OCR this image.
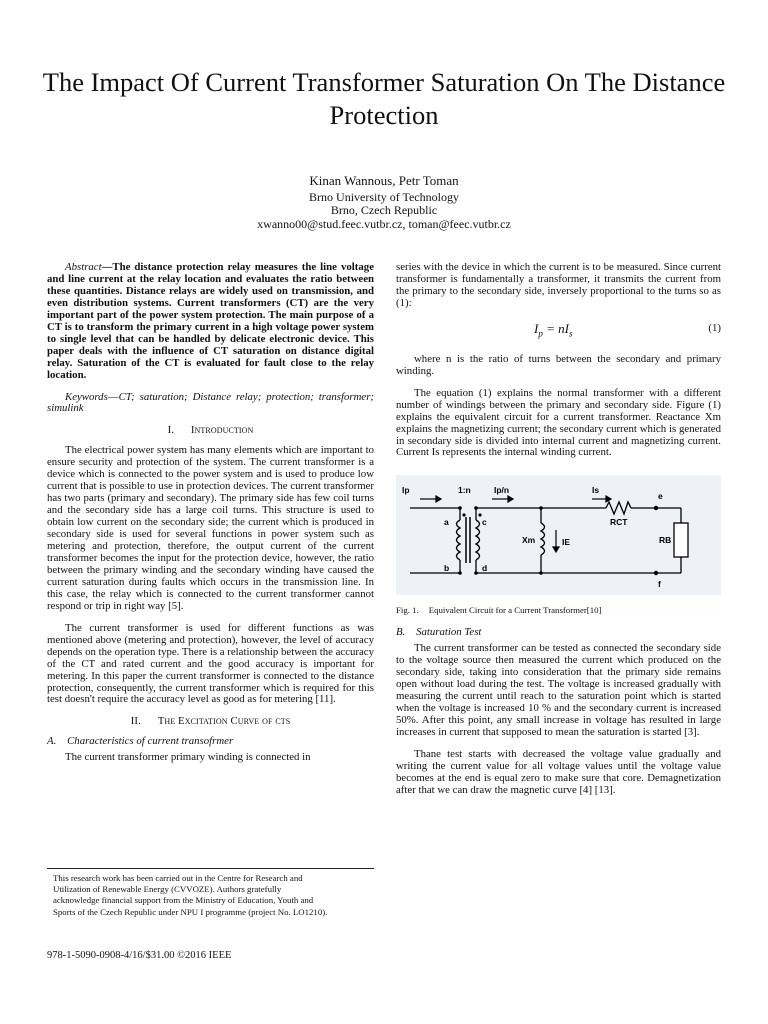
The Impact Of Current Transformer Saturation On The Distance Protection
Kinan Wannous, Petr Toman
Brno University of Technology
Brno, Czech Republic
xwanno00@stud.feec.vutbr.cz, toman@feec.vutbr.cz

Abstract—The distance protection relay measures the line voltage and line current at the relay location and evaluates the ratio between these quantities. Distance relays are widely used on transmission, and even distribution systems. Current transformers (CT) are the very important part of the power system protection. The main purpose of a CT is to transform the primary current in a high voltage power system to single level that can be handled by delicate electronic device. This paper deals with the influence of CT saturation on distance digital relay. Saturation of the CT is evaluated for fault close to the relay location.

Keywords—CT; saturation; Distance relay; protection; transformer; simulink

I. Introduction

The electrical power system has many elements which are important to ensure security and protection of the system. The current transformer is a device which is connected to the power system and is used to produce low current that is possible to use in protection devices. The current transformer has two parts (primary and secondary). The primary side has few coil turns and the secondary side has a large coil turns. This structure is used to obtain low current on the secondary side; the current which is produced in secondary side is used for several functions in power system such as metering and protection, therefore, the output current of the current transformer becomes the input for the protection device, however, the ratio between the primary winding and the secondary winding have caused the current saturation during faults which occurs in the transmission line. In this case, the relay which is connected to the current transformer cannot respond or trip in right way [5].

The current transformer is used for different functions as was mentioned above (metering and protection), however, the level of accuracy depends on the operation type. There is a relationship between the accuracy of the CT and rated current and the good accuracy is important for metering. In this paper the current transformer is connected to the distance protection, consequently, the current transformer which is required for this test doesn't require the accuracy level as good as for metering [11].

II. The Excitation Curve of cts
A. Characteristics of current transofrmer

The current transformer primary winding is connected in

This research work has been carried out in the Centre for Research and
Utilization of Renewable Energy (CVVOZE). Authors gratefully
acknowledge financial support from the Ministry of Education, Youth and
Sports of the Czech Republic under NPU I programme (project No. LO1210).
978-1-5090-0908-4/16/$31.00 ©2016 IEEE

series with the device in which the current is to be measured. Since current transformer is fundamentally a transformer, it transmits the current from the primary to the secondary side, inversely proportional to the turns so as (1):

$I_p = nI_s$	(1)

where n is the ratio of turns between the secondary and primary winding.

The equation (1) explains the normal transformer with a different number of windings between the primary and secondary side. Figure (1) explains the equivalent circuit for a current transformer. Reactance Xm explains the magnetizing current; the secondary current which is generated in secondary side is divided into internal current and magnetizing current. Current Is represents the internal winding current.

Ip	1:n	Ip/n	Is
e
a	c	RCT
Xm	IE	RB
b	d
f
Fig. 1. Equivalent Circuit for a Current Transformer[10]
B. Saturation Test

The current transformer can be tested as connected the secondary side to the voltage source then measured the current which produced on the secondary side, taking into consideration that the primary side remains open without load during the test. The voltage is increased gradually with measuring the current until reach to the saturation point which is started when the voltage is increased 10 % and the secondary current is increased 50%. After this point, any small increase in voltage has resulted in large increases in current that supposed to mean the saturation is started [3].

Thane test starts with decreased the voltage value gradually and writing the current value for all voltage values until the voltage value becomes at the end is equal zero to make sure that core. Demagnetization after that we can draw the magnetic curve [4] [13].
